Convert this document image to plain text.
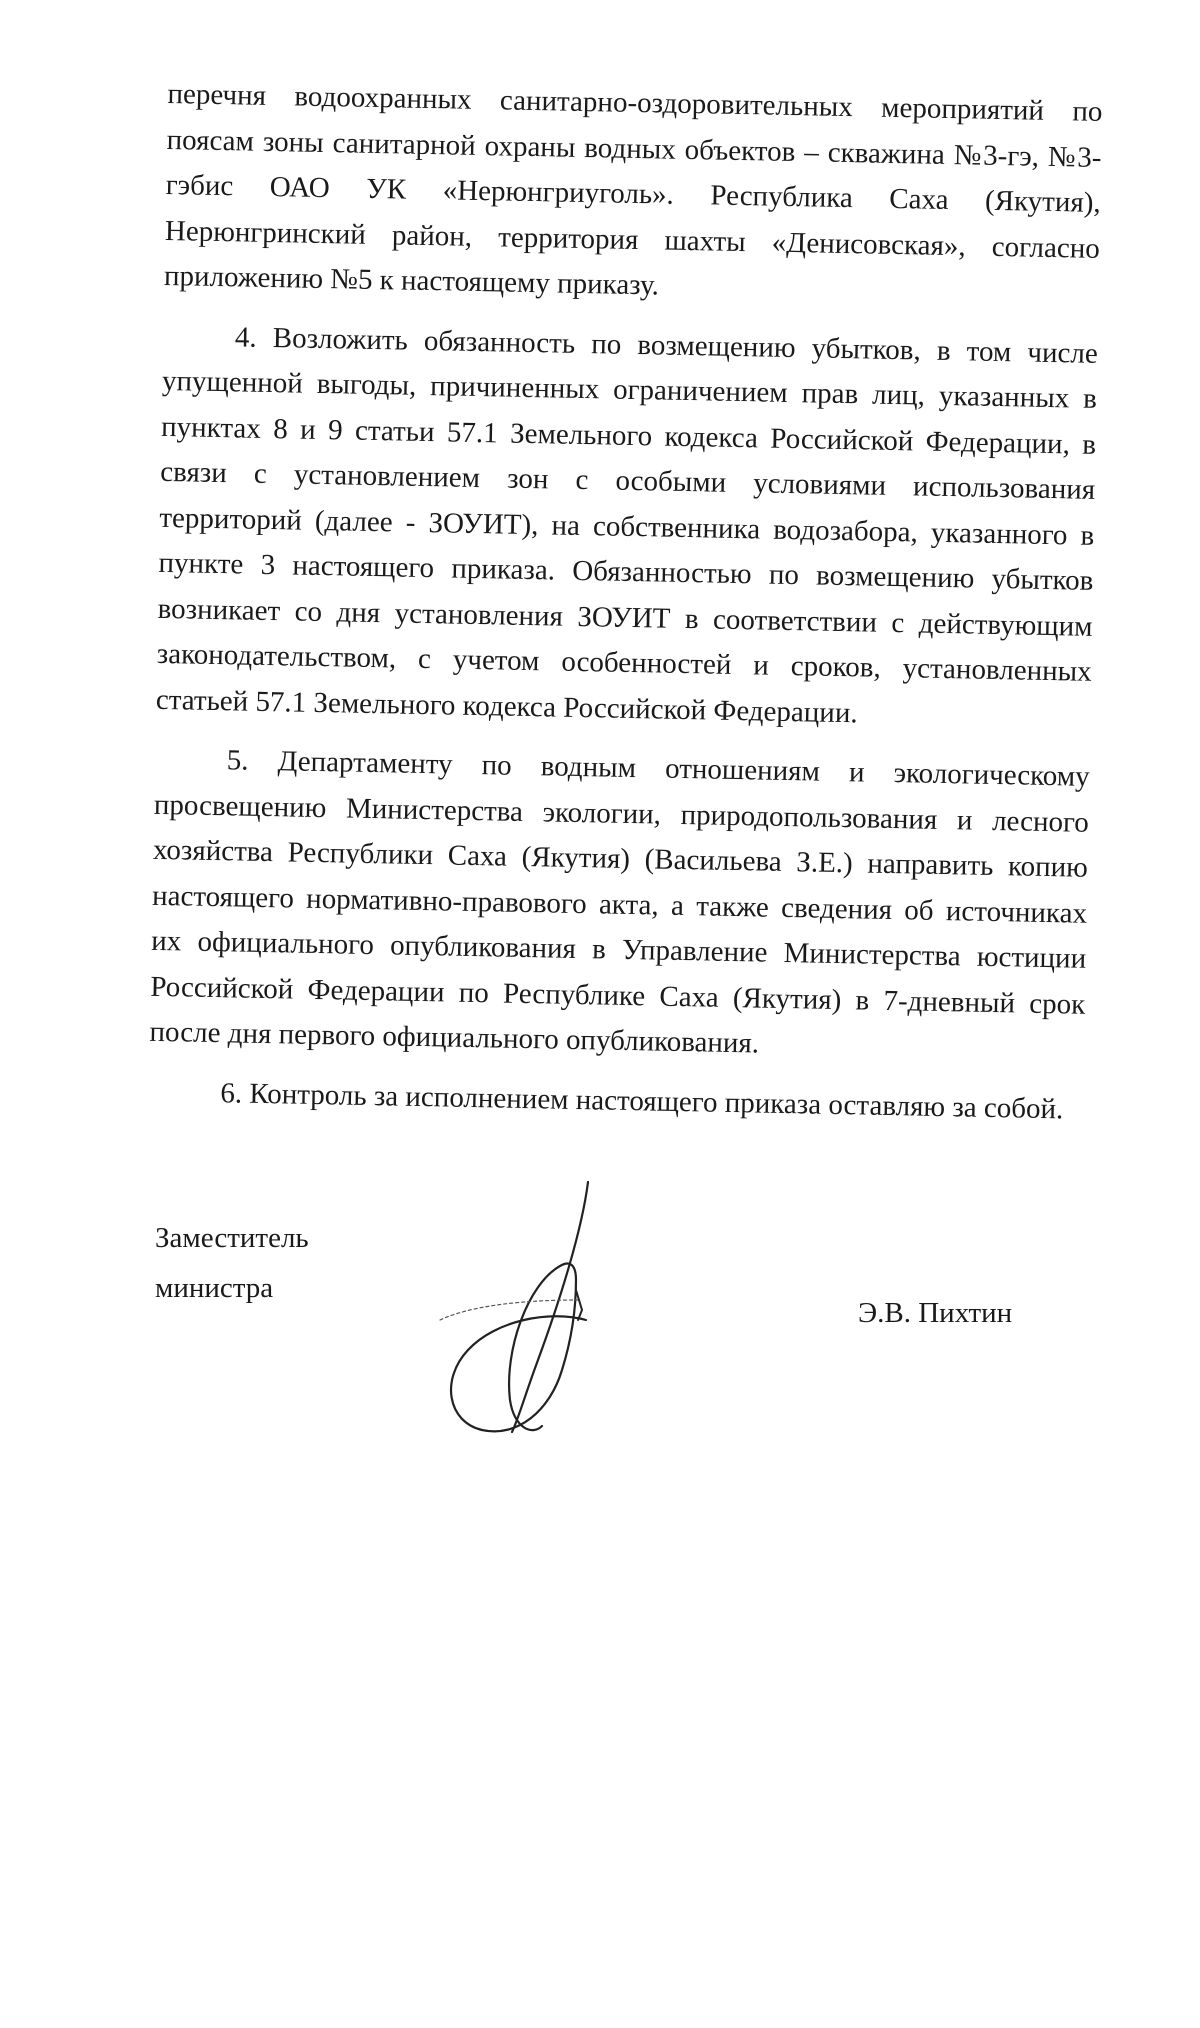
перечня водоохранных санитарно-оздоровительных мероприятий по поясам зоны санитарной охраны водных объектов – скважина №3-гэ, №3-гэбис ОАО УК «Нерюнгриуголь». Республика Саха (Якутия), Нерюнгринский район, территория шахты «Денисовская», согласно приложению №5 к настоящему приказу.

4. Возложить обязанность по возмещению убытков, в том числе упущенной выгоды, причиненных ограничением прав лиц, указанных в пунктах 8 и 9 статьи 57.1 Земельного кодекса Российской Федерации, в связи с установлением зон с особыми условиями использования территорий (далее - ЗОУИТ), на собственника водозабора, указанного в пункте 3 настоящего приказа. Обязанностью по возмещению убытков возникает со дня установления ЗОУИТ в соответствии с действующим законодательством, с учетом особенностей и сроков, установленных статьей 57.1 Земельного кодекса Российской Федерации.

5. Департаменту по водным отношениям и экологическому просвещению Министерства экологии, природопользования и лесного хозяйства Республики Саха (Якутия) (Васильева З.Е.) направить копию настоящего нормативно-правового акта, а также сведения об источниках их официального опубликования в Управление Министерства юстиции Российской Федерации по Республике Саха (Якутия) в 7-дневный срок после дня первого официального опубликования.

6. Контроль за исполнением настоящего приказа оставляю за собой.

Заместитель
министра
Э.В. Пихтин
